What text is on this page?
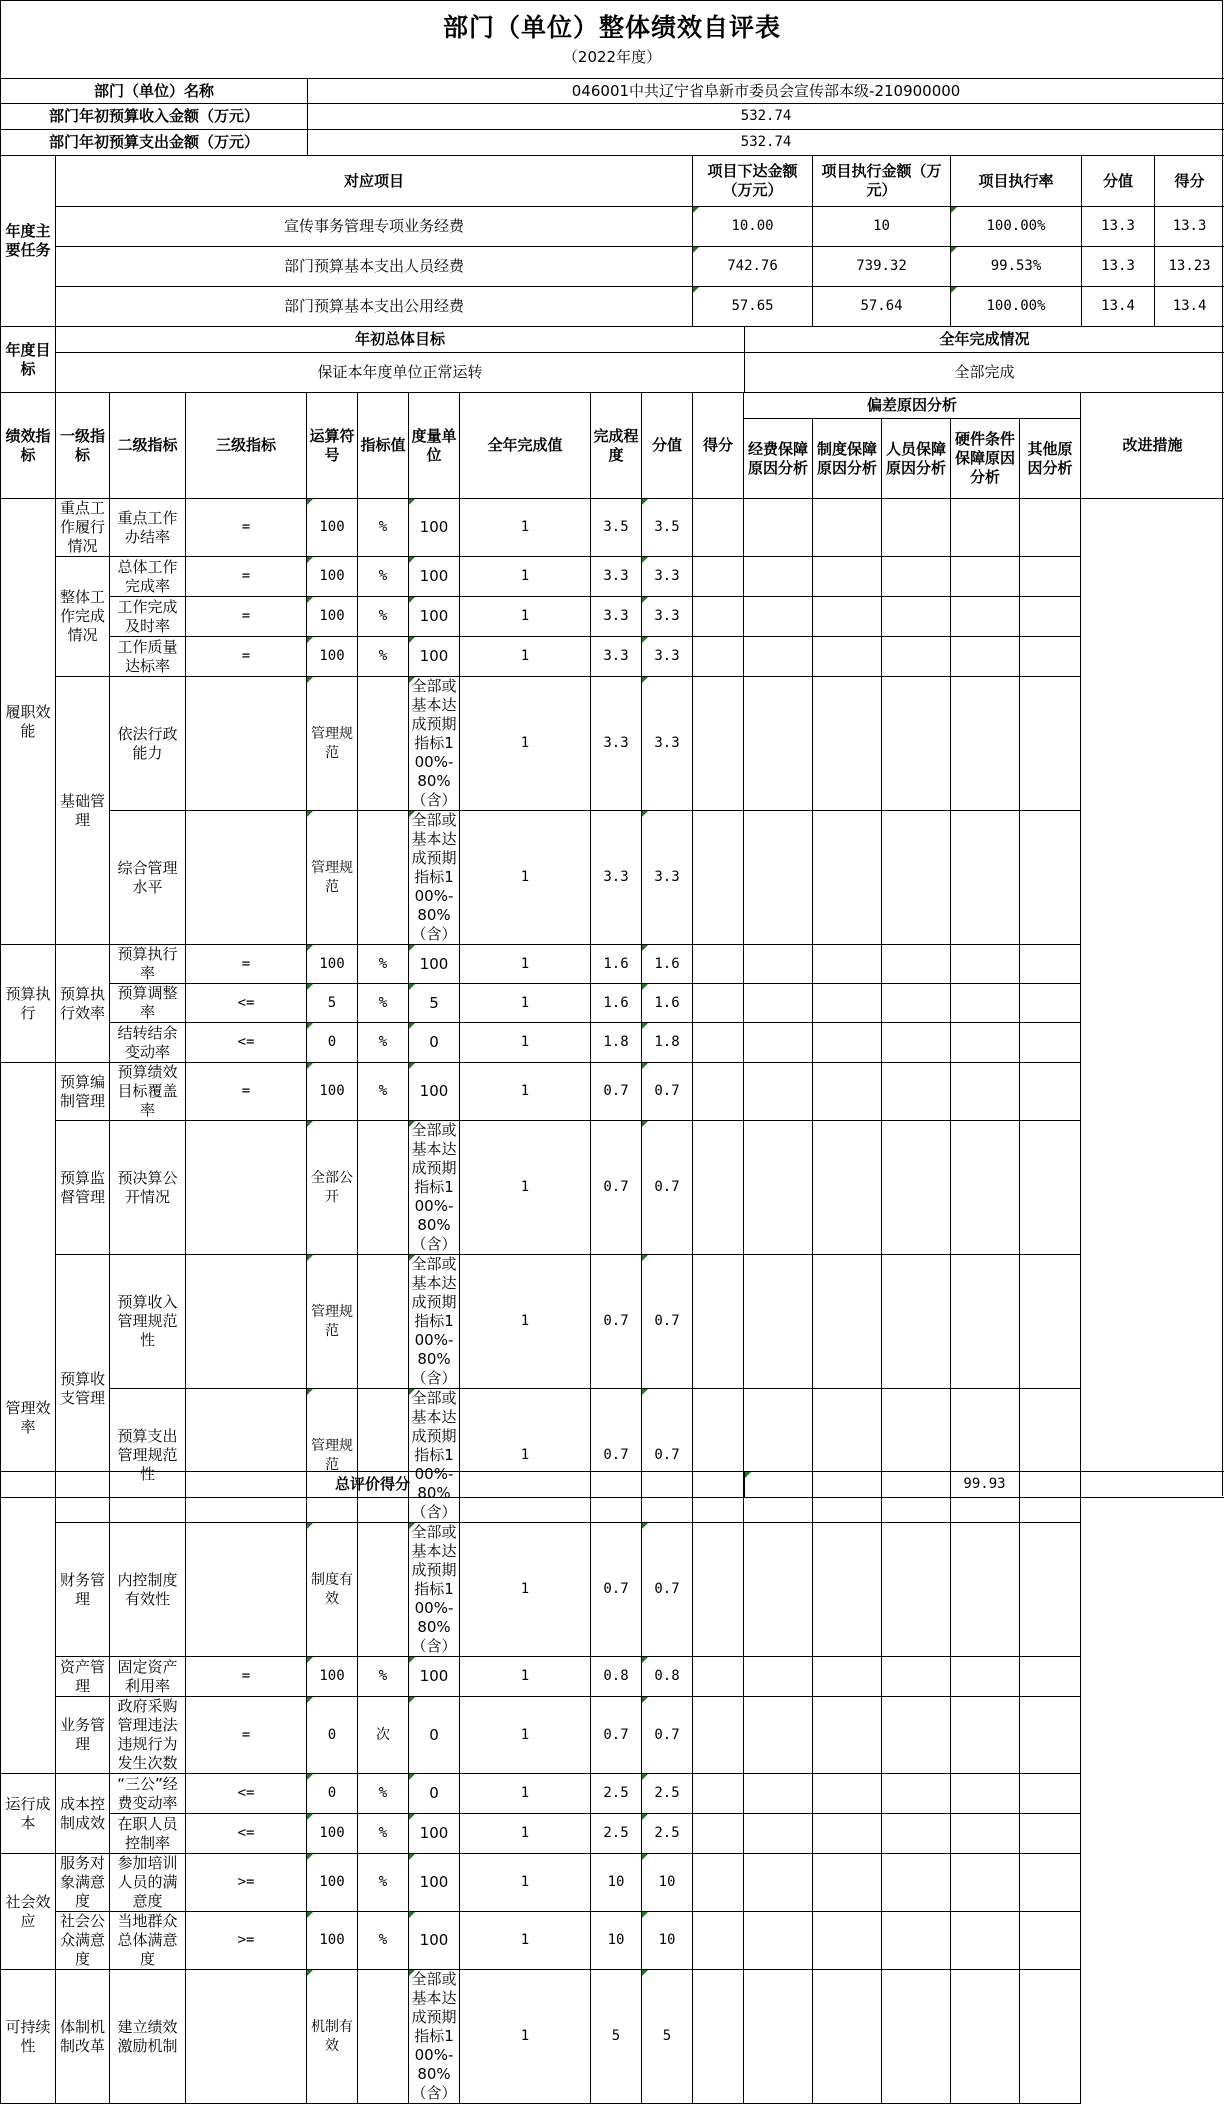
部门（单位）整体绩效自评表
（2022年度）
部门（单位）名称		046001中共辽宁省阜新市委员会宣传部本级-210900000					
部门年初预算收入金额（万元）		532.74					
部门年初预算支出金额（万元）		532.74					
年度主要任务	对应项目		项目下达金额（万元）	项目执行金额（万元）	项目执行率	分值	得分
	宣传事务管理专项业务经费		10.00	10	100.00%	13.3	13.3
	部门预算基本支出人员经费		742.76	739.32	99.53%	13.3	13.23
	部门预算基本支出公用经费		57.65	57.64	100.00%	13.4	13.4
年度目标	年初总体目标	全年完成情况
	保证本年度单位正常运转	全部完成
绩效指标	一级指标	二级指标	三级指标	运算符号	指标值	度量单位	全年完成值	完成程度	分值	得分	偏差原因分析					改进措施
											经费保障原因分析	制度保障原因分析	人员保障原因分析	硬件条件保障原因分析	其他原因分析	
履职效能	重点工作履行情况	重点工作办结率	=	100	%	100	1	3.5	3.5							
	整体工作完成情况	总体工作完成率	=	100	%	100	1	3.3	3.3							
		工作完成及时率	=	100	%	100	1	3.3	3.3							
		工作质量达标率	=	100	%	100	1	3.3	3.3							
	基础管理	依法行政能力		管理规范		全部或基本达成预期指标100%-80%（含）	1	3.3	3.3							
		综合管理水平		管理规范		全部或基本达成预期指标100%-80%（含）	1	3.3	3.3							
预算执行	预算执行效率	预算执行率	=	100	%	100	1	1.6	1.6							
		预算调整率	<=	5	%	5	1	1.6	1.6							
		结转结余变动率	<=	0	%	0	1	1.8	1.8							
管理效率	预算编制管理	预算绩效目标覆盖率	=	100	%	100	1	0.7	0.7							
	预算监督管理	预决算公开情况		全部公开		全部或基本达成预期指标100%-80%（含）	1	0.7	0.7							
	预算收支管理	预算收入管理规范性		管理规范		全部或基本达成预期指标100%-80%（含）	1	0.7	0.7							
		预算支出管理规范性		管理规范		全部或基本达成预期指标100%-80%（含）	1	0.7	0.7							
	财务管理	内控制度有效性		制度有效		全部或基本达成预期指标100%-80%（含）	1	0.7	0.7							
	资产管理	固定资产利用率	=	100	%	100	1	0.8	0.8							
	业务管理	政府采购管理违法违规行为发生次数	=	0	次	0	1	0.7	0.7							
运行成本	成本控制成效	“三公”经费变动率	<=	0	%	0	1	2.5	2.5							
		在职人员控制率	<=	100	%	100	1	2.5	2.5							
社会效应	服务对象满意度	参加培训人员的满意度	>=	100	%	100	1	10	10							
	社会公众满意度	当地群众总体满意度	>=	100	%	100	1	10	10							
可持续性	体制机制改革	建立绩效激励机制		机制有效		全部或基本达成预期指标100%-80%（含）	1	5	5							
总评价得分	99.93
